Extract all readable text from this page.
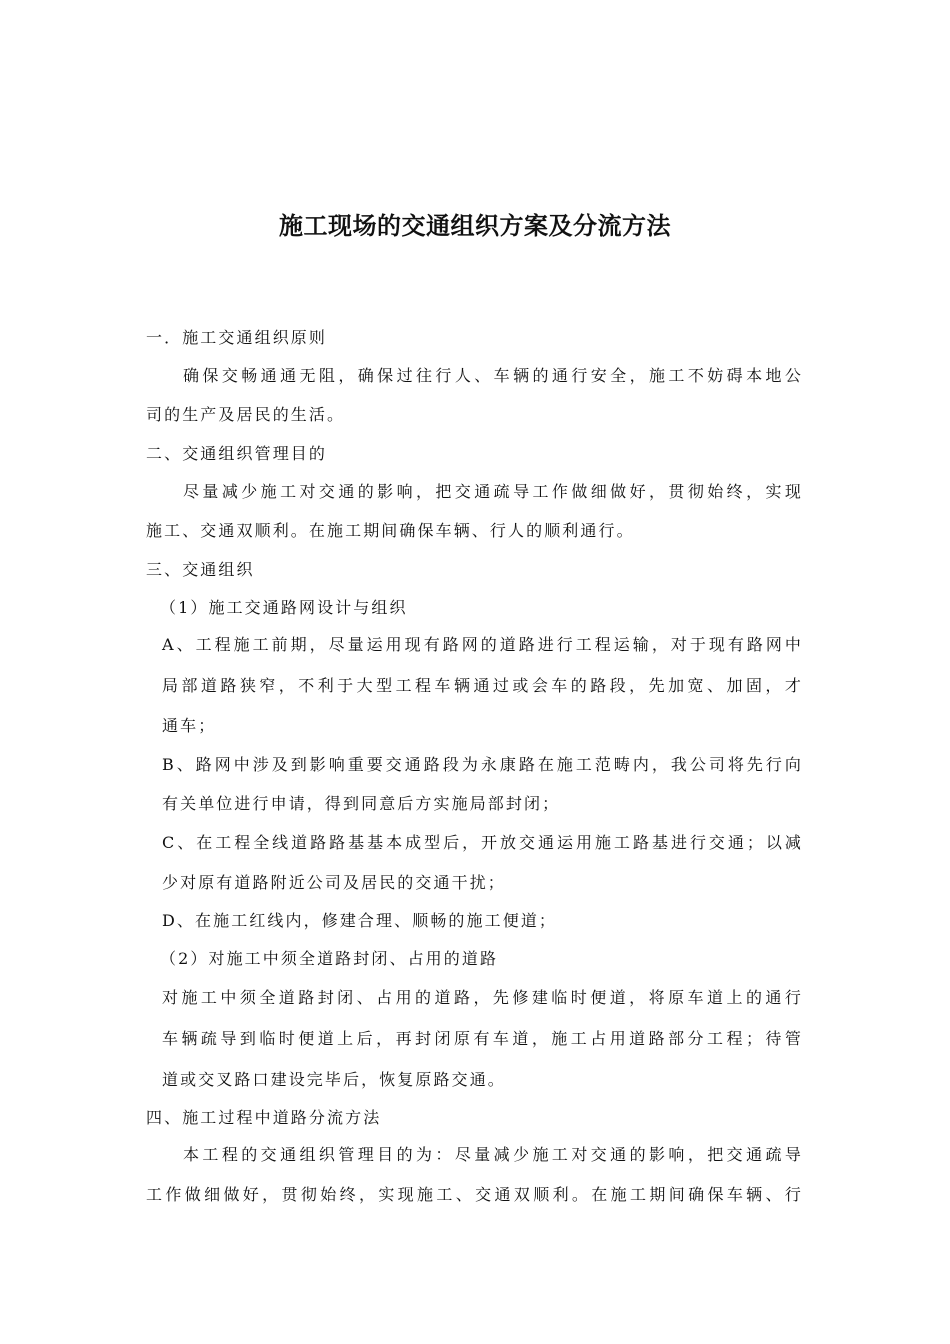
施工现场的交通组织方案及分流方法
一．施工交通组织原则
确保交畅通通无阻，确保过往行人、车辆的通行安全，施工不妨碍本地公
司的生产及居民的生活。
二、交通组织管理目的
尽量减少施工对交通的影响，把交通疏导工作做细做好，贯彻始终，实现
施工、交通双顺利。在施工期间确保车辆、行人的顺利通行。
三、交通组织
（1）施工交通路网设计与组织
A、工程施工前期，尽量运用现有路网的道路进行工程运输，对于现有路网中
局部道路狭窄，不利于大型工程车辆通过或会车的路段，先加宽、加固，才
通车；
B、路网中涉及到影响重要交通路段为永康路在施工范畴内，我公司将先行向
有关单位进行申请，得到同意后方实施局部封闭；
C、在工程全线道路路基基本成型后，开放交通运用施工路基进行交通；以减
少对原有道路附近公司及居民的交通干扰；
D、在施工红线内，修建合理、顺畅的施工便道；
（2）对施工中须全道路封闭、占用的道路
对施工中须全道路封闭、占用的道路，先修建临时便道，将原车道上的通行
车辆疏导到临时便道上后，再封闭原有车道，施工占用道路部分工程；待管
道或交叉路口建设完毕后，恢复原路交通。
四、施工过程中道路分流方法
本工程的交通组织管理目的为：尽量减少施工对交通的影响，把交通疏导
工作做细做好，贯彻始终，实现施工、交通双顺利。在施工期间确保车辆、行
